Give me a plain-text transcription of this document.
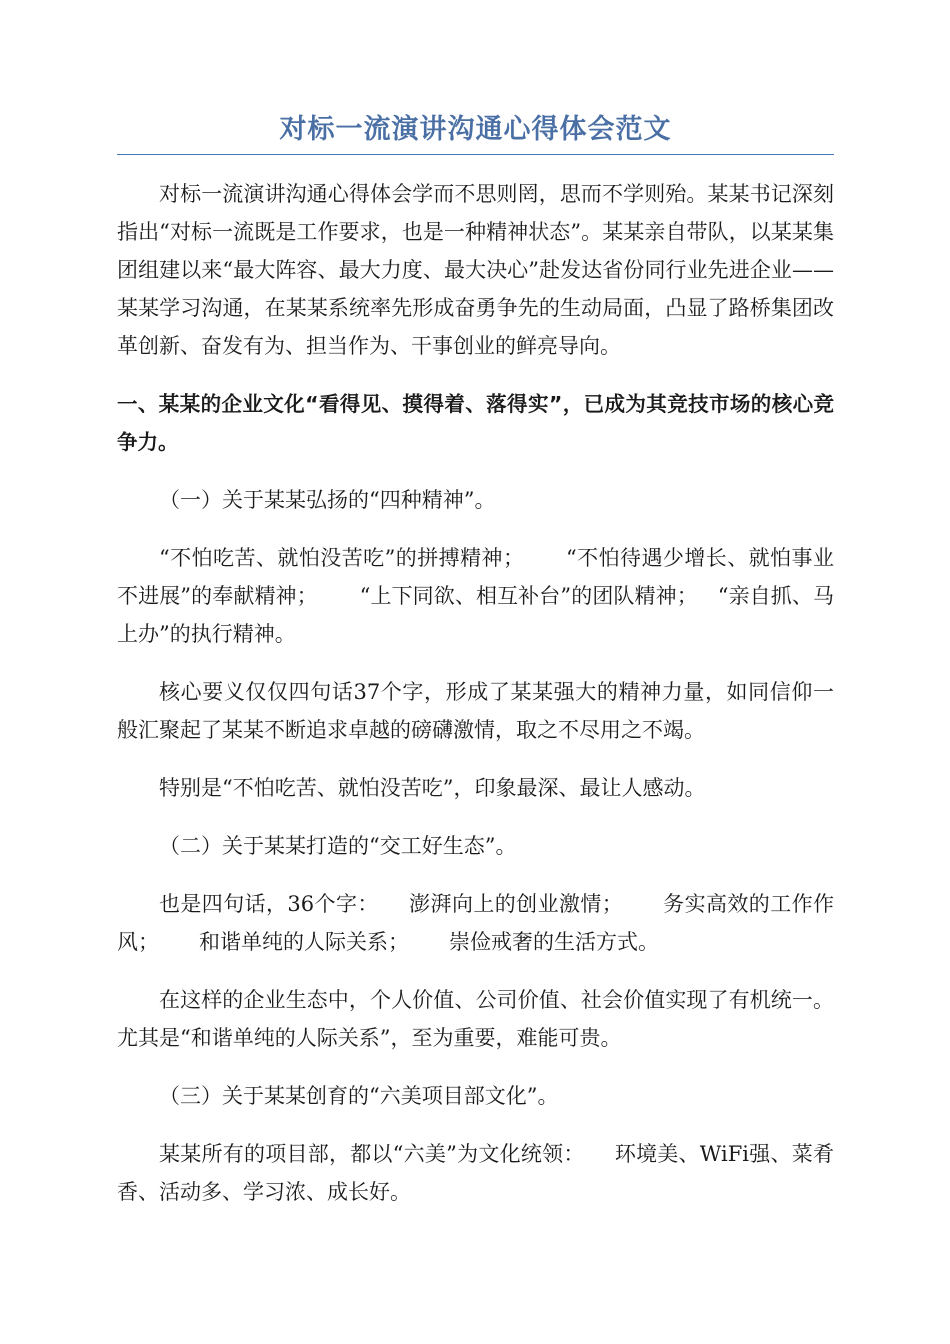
对标一流演讲沟通心得体会范文

对标一流演讲沟通心得体会学而不思则罔，思而不学则殆。某某书记深刻指出“对标一流既是工作要求，也是一种精神状态”。某某亲自带队，以某某集团组建以来“最大阵容、最大力度、最大决心”赴发达省份同行业先进企业——某某学习沟通，在某某系统率先形成奋勇争先的生动局面，凸显了路桥集团改革创新、奋发有为、担当作为、干事创业的鲜亮导向。

一、某某的企业文化“看得见、摸得着、落得实”，已成为其竞技市场的核心竞争力。

（一）关于某某弘扬的“四种精神”。

“不怕吃苦、就怕没苦吃”的拼搏精神； “不怕待遇少增长、就怕事业不进展”的奉献精神； “上下同欲、相互补台”的团队精神； “亲自抓、马上办”的执行精神。

核心要义仅仅四句话37个字，形成了某某强大的精神力量，如同信仰一般汇聚起了某某不断追求卓越的磅礴激情，取之不尽用之不竭。

特别是“不怕吃苦、就怕没苦吃”，印象最深、最让人感动。

（二）关于某某打造的“交工好生态”。

也是四句话，36个字： 澎湃向上的创业激情； 务实高效的工作作风； 和谐单纯的人际关系； 崇俭戒奢的生活方式。

在这样的企业生态中，个人价值、公司价值、社会价值实现了有机统一。尤其是“和谐单纯的人际关系”，至为重要，难能可贵。

（三）关于某某创育的“六美项目部文化”。

某某所有的项目部，都以“六美”为文化统领： 环境美、WiFi强、菜肴香、活动多、学习浓、成长好。
